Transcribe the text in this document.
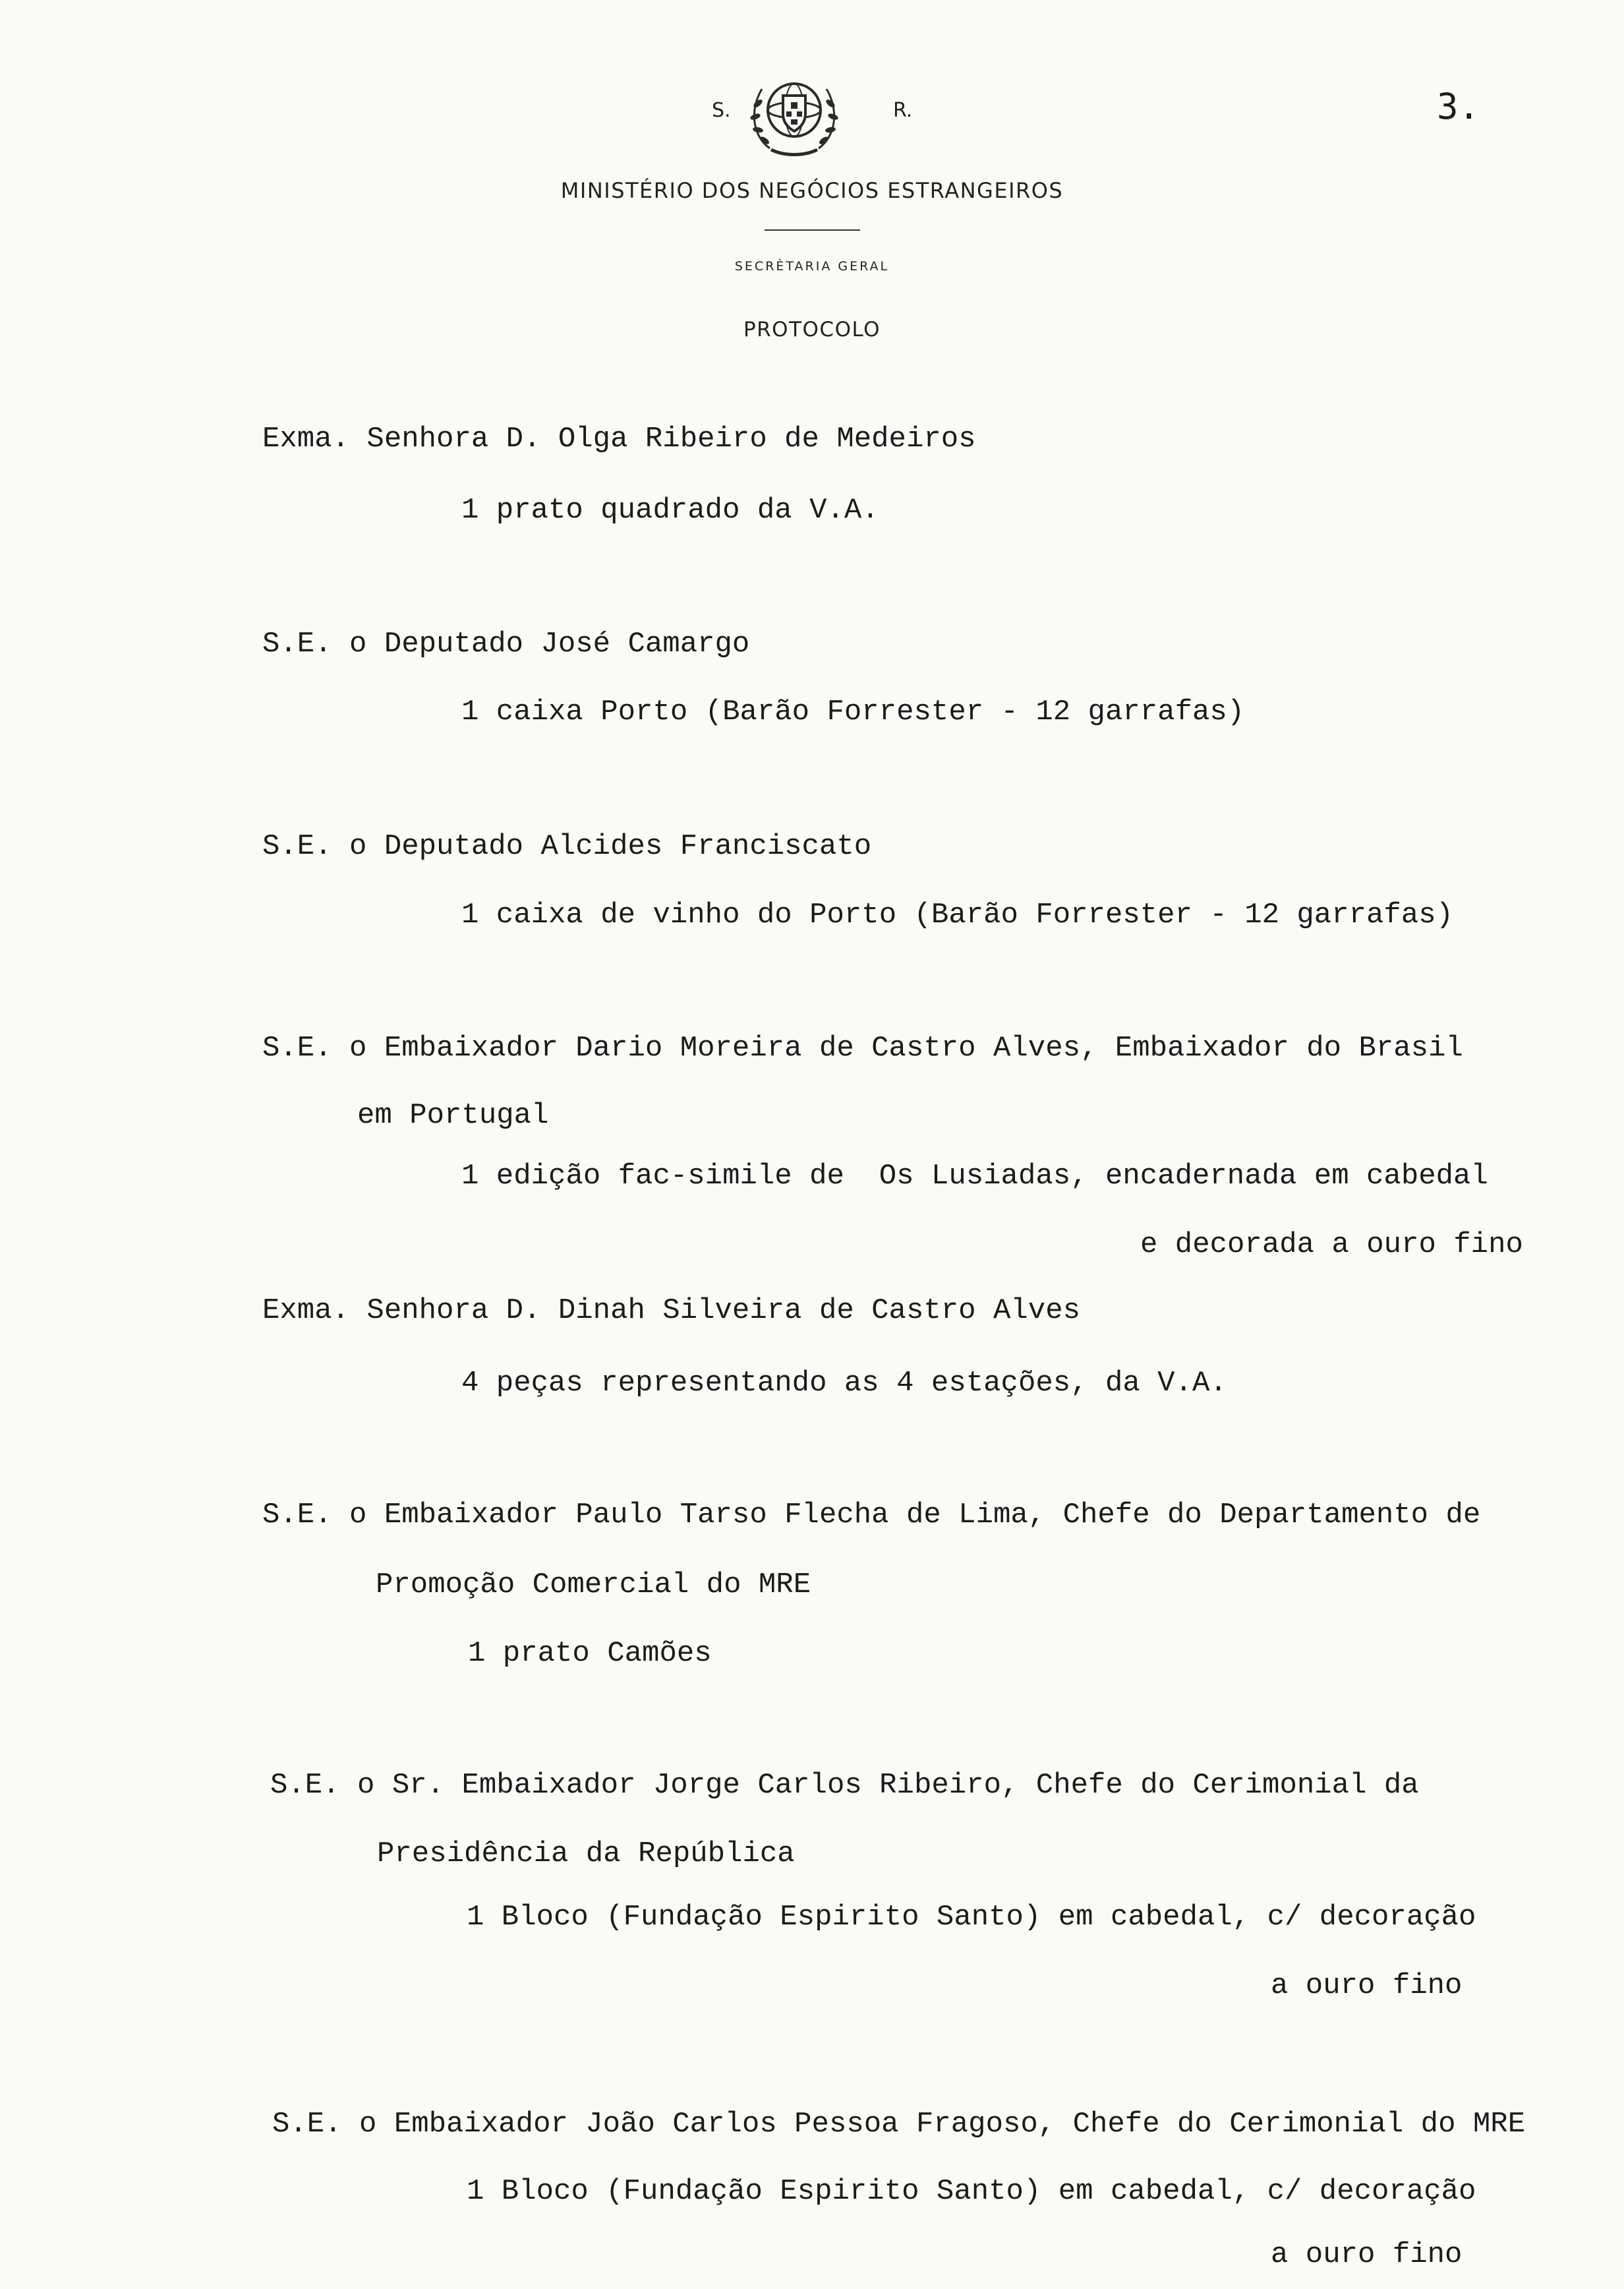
S.	R.	3.
MINISTÉRIO DOS NEGÓCIOS ESTRANGEIROS
SECRÈTARIA GERAL
PROTOCOLO
Exma. Senhora D. Olga Ribeiro de Medeiros
1 prato quadrado da V.A.
S.E. o Deputado José Camargo
1 caixa Porto (Barão Forrester - 12 garrafas)
S.E. o Deputado Alcides Franciscato
1 caixa de vinho do Porto (Barão Forrester - 12 garrafas)
S.E. o Embaixador Dario Moreira de Castro Alves, Embaixador do Brasil
em Portugal
1 edição fac-simile de  Os Lusiadas, encadernada em cabedal
e decorada a ouro fino
Exma. Senhora D. Dinah Silveira de Castro Alves
4 peças representando as 4 estações, da V.A.
S.E. o Embaixador Paulo Tarso Flecha de Lima, Chefe do Departamento de
Promoção Comercial do MRE
1 prato Camões
S.E. o Sr. Embaixador Jorge Carlos Ribeiro, Chefe do Cerimonial da
Presidência da República
1 Bloco (Fundação Espirito Santo) em cabedal, c/ decoração
a ouro fino
S.E. o Embaixador João Carlos Pessoa Fragoso, Chefe do Cerimonial do MRE
1 Bloco (Fundação Espirito Santo) em cabedal, c/ decoração
a ouro fino
